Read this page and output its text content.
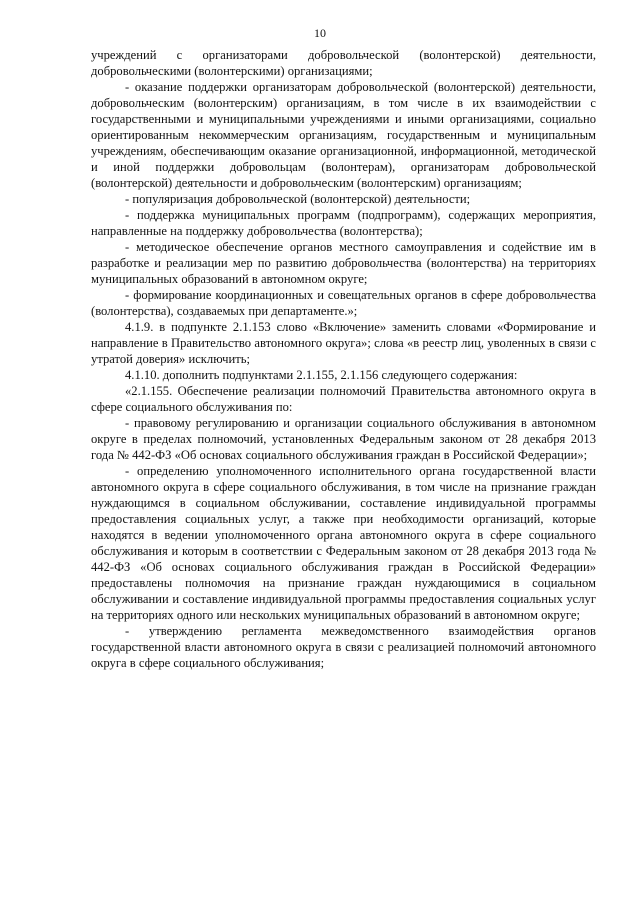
10

учреждений с организаторами добровольческой (волонтерской) деятельности, добровольческими (волонтерскими) организациями;

- оказание поддержки организаторам добровольческой (волонтерской) деятельности, добровольческим (волонтерским) организациям, в том числе в их взаимодействии с государственными и муниципальными учреждениями и иными организациями, социально ориентированным некоммерческим организациям, государственным и муниципальным учреждениям, обеспечивающим оказание организационной, информационной, методической и иной поддержки добровольцам (волонтерам), организаторам добровольческой (волонтерской) деятельности и добровольческим (волонтерским) организациям;

- популяризация добровольческой (волонтерской) деятельности;

- поддержка муниципальных программ (подпрограмм), содержащих мероприятия, направленные на поддержку добровольчества (волонтерства);

- методическое обеспечение органов местного самоуправления и содействие им в разработке и реализации мер по развитию добровольчества (волонтерства) на территориях муниципальных образований в автономном округе;

- формирование координационных и совещательных органов в сфере добровольчества (волонтерства), создаваемых при департаменте.»;

4.1.9. в подпункте 2.1.153 слово «Включение» заменить словами «Формирование и направление в Правительство автономного округа»; слова «в реестр лиц, уволенных в связи с утратой доверия» исключить;

4.1.10. дополнить подпунктами 2.1.155, 2.1.156 следующего содержания:

«2.1.155. Обеспечение реализации полномочий Правительства автономного округа в сфере социального обслуживания по:

- правовому регулированию и организации социального обслуживания в автономном округе в пределах полномочий, установленных Федеральным законом от 28 декабря 2013 года № 442-ФЗ «Об основах социального обслуживания граждан в Российской Федерации»;

- определению уполномоченного исполнительного органа государственной власти автономного округа в сфере социального обслуживания, в том числе на признание граждан нуждающимся в социальном обслуживании, составление индивидуальной программы предоставления социальных услуг, а также при необходимости организаций, которые находятся в ведении уполномоченного органа автономного округа в сфере социального обслуживания и которым в соответствии с Федеральным законом от 28 декабря 2013 года № 442-ФЗ «Об основах социального обслуживания граждан в Российской Федерации» предоставлены полномочия на признание граждан нуждающимися в социальном обслуживании и составление индивидуальной программы предоставления социальных услуг на территориях одного или нескольких муниципальных образований в автономном округе;

- утверждению регламента межведомственного взаимодействия органов государственной власти автономного округа в связи с реализацией полномочий автономного округа в сфере социального обслуживания;
